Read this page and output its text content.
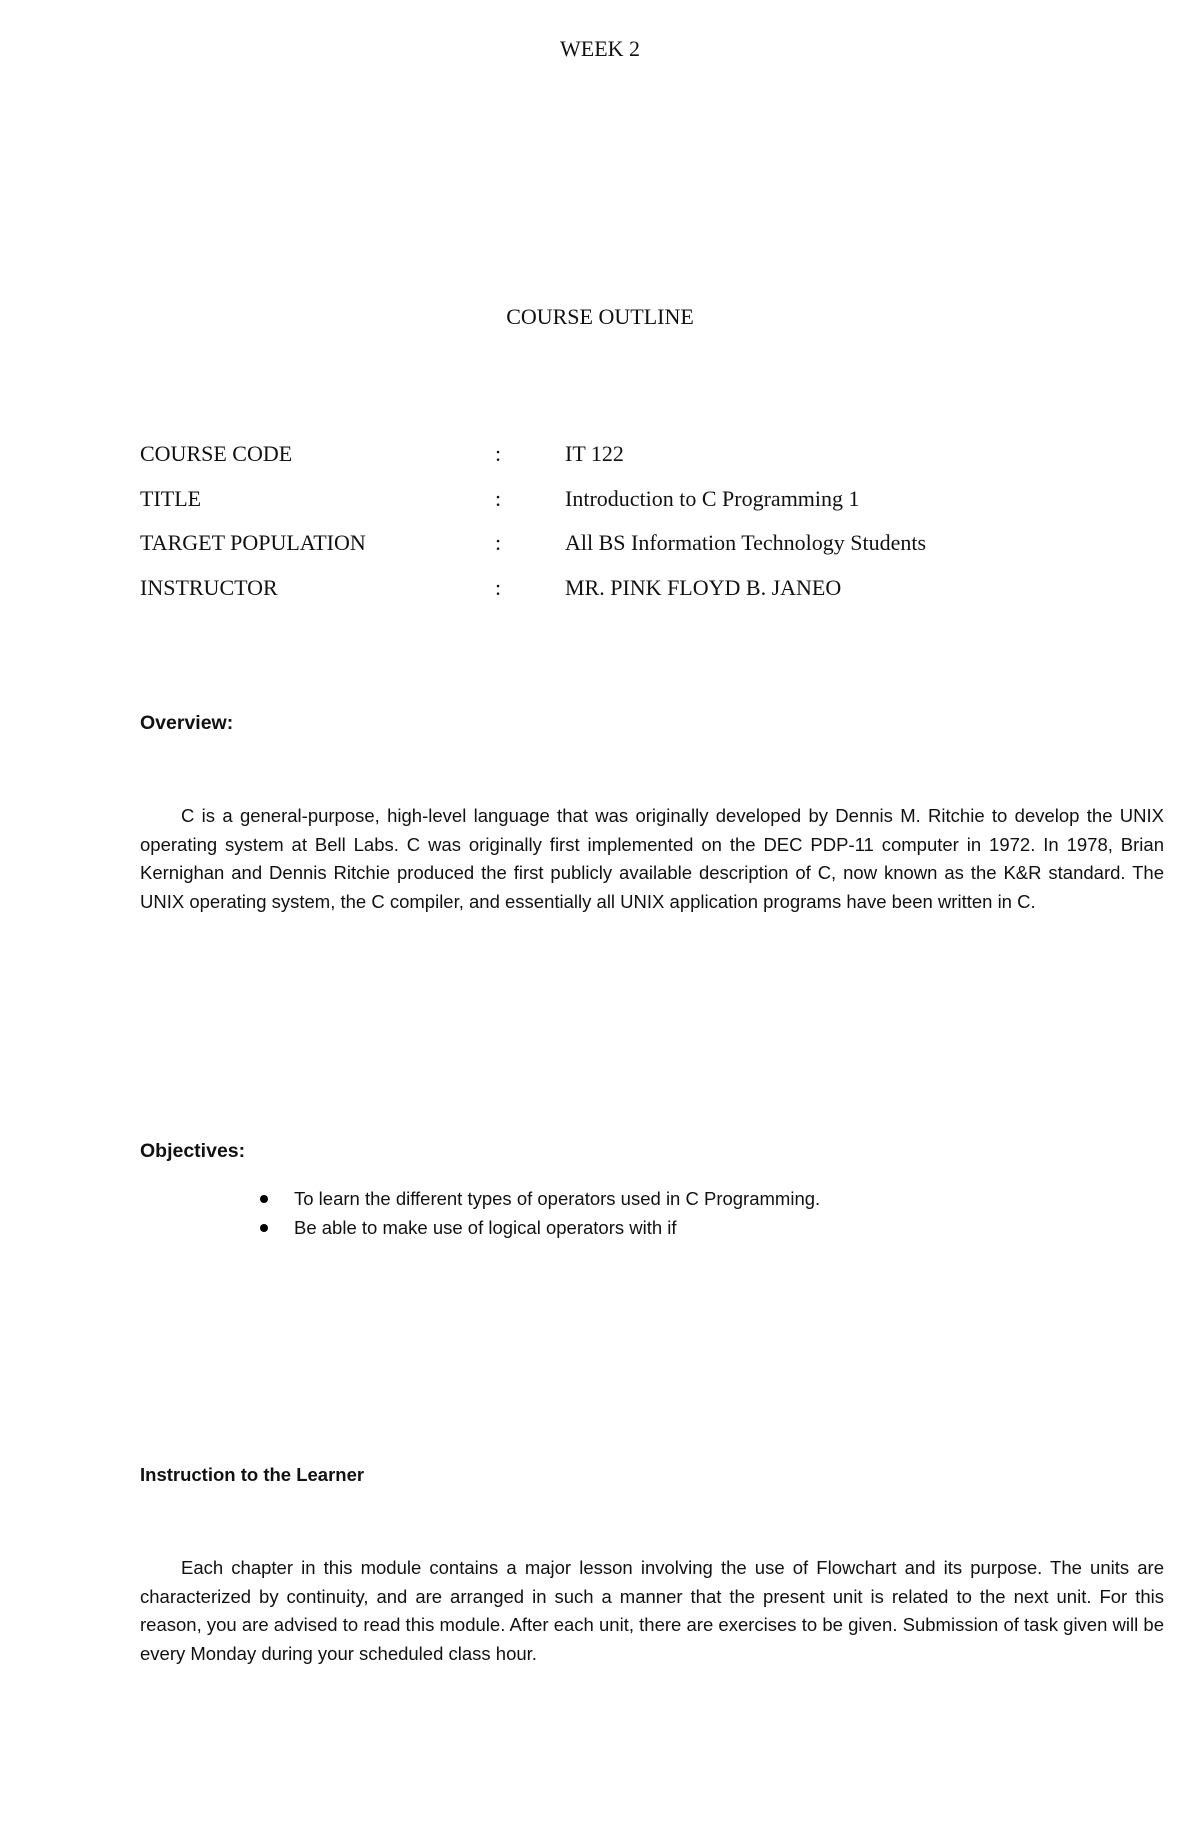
WEEK 2
COURSE OUTLINE
COURSE CODE	:	IT 122
TITLE	:	Introduction to C Programming 1
TARGET POPULATION	:	All BS Information Technology Students
INSTRUCTOR	:	MR. PINK FLOYD B. JANEO
Overview:

C is a general-purpose, high-level language that was originally developed by Dennis M. Ritchie to develop the UNIX operating system at Bell Labs. C was originally first implemented on the DEC PDP-11 computer in 1972. In 1978, Brian Kernighan and Dennis Ritchie produced the first publicly available description of C, now known as the K&R standard. The UNIX operating system, the C compiler, and essentially all UNIX application programs have been written in C.

Objectives:
To learn the different types of operators used in C Programming.
Be able to make use of logical operators with if
Instruction to the Learner

Each chapter in this module contains a major lesson involving the use of Flowchart and its purpose. The units are characterized by continuity, and are arranged in such a manner that the present unit is related to the next unit. For this reason, you are advised to read this module. After each unit, there are exercises to be given. Submission of task given will be every Monday during your scheduled class hour.
